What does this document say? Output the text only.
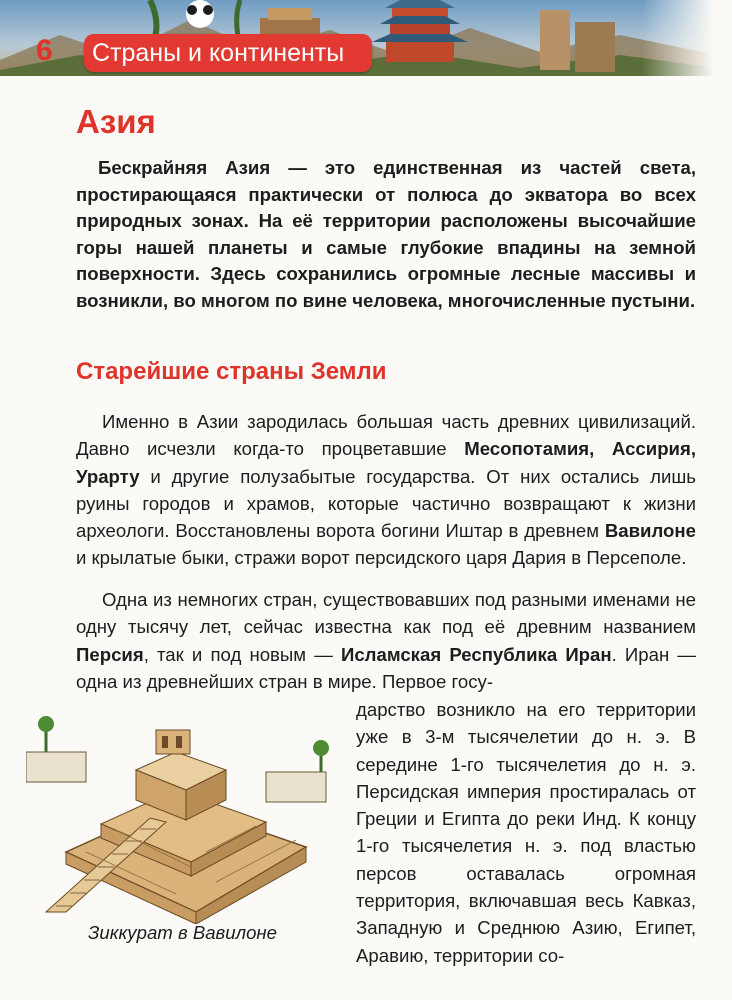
6	Страны и континенты
Азия
Бескрайняя Азия — это единственная из частей света, простирающаяся практически от полюса до экватора во всех природных зонах. На её территории расположены высочайшие горы нашей планеты и самые глубокие впадины на земной поверхности. Здесь сохранились огромные лесные массивы и возникли, во многом по вине человека, многочисленные пустыни.
Старейшие страны Земли
Именно в Азии зародилась большая часть древних цивилизаций. Давно исчезли когда-то процветавшие Месопотамия, Ассирия, Урарту и другие полузабытые государства. От них остались лишь руины городов и храмов, которые частично возвращают к жизни археологи. Восстановлены ворота богини Иштар в древнем Вавилоне и крылатые быки, стражи ворот персидского царя Дария в Персеполе.
Одна из немногих стран, существовавших под разными именами не одну тысячу лет, сейчас известна как под её древним названием Персия, так и под новым — Исламская Республика Иран. Иран — одна из древнейших стран в мире. Первое госу-
дарство возникло на его территории уже в 3-м тысячелетии до н. э. В середине 1-го тысячелетия до н. э. Персидская империя простиралась от Греции и Египта до реки Инд. К концу 1-го тысячелетия н. э. под властью персов оставалась огромная территория, включавшая весь Кавказ, Западную и Среднюю Азию, Египет, Аравию, территории со-
Зиккурат в Вавилоне
